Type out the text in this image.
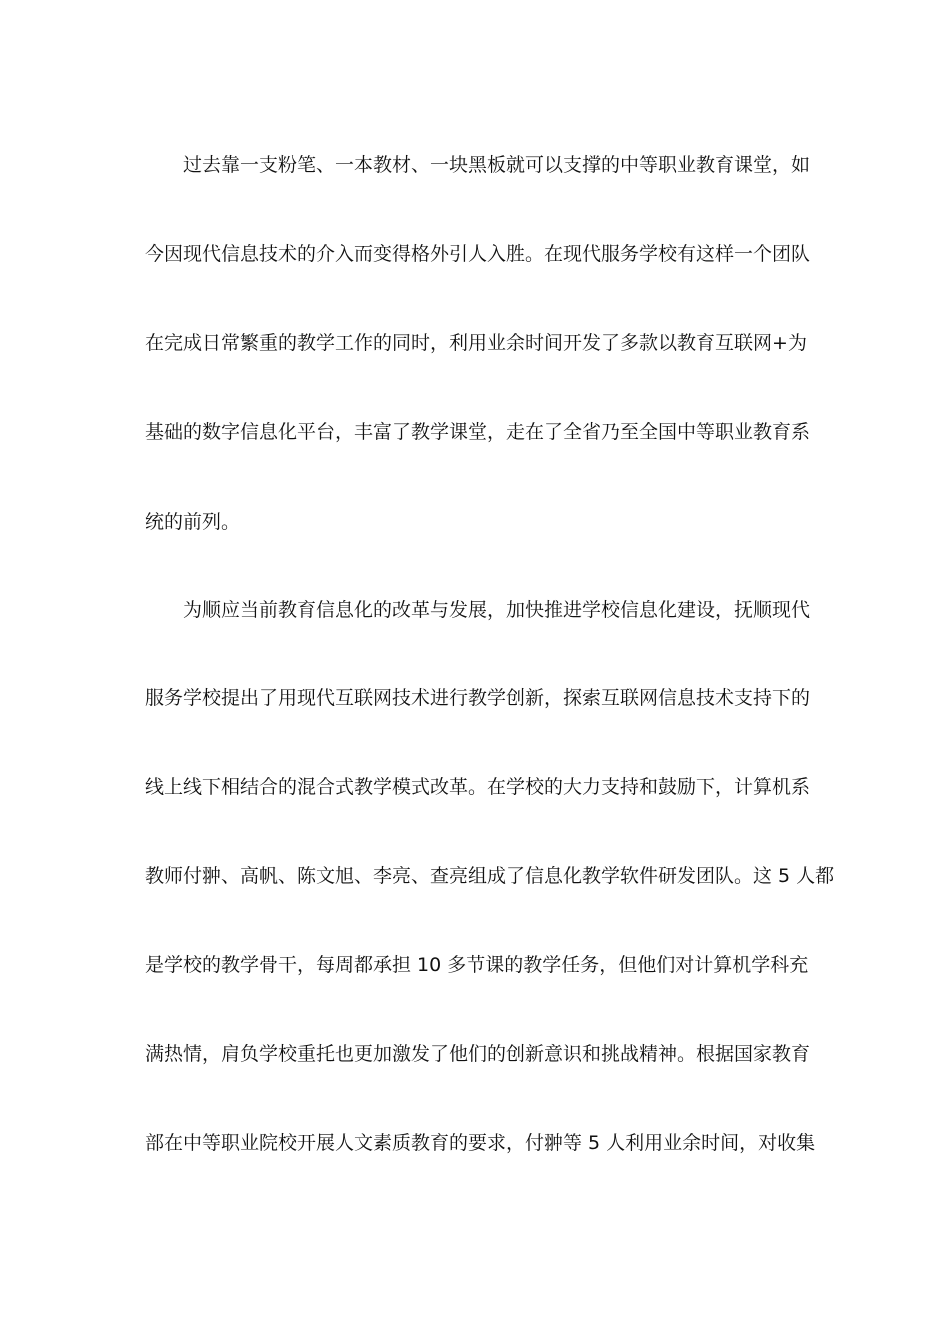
过去靠一支粉笔、一本教材、一块黑板就可以支撑的中等职业教育课堂，如

今因现代信息技术的介入而变得格外引人入胜。在现代服务学校有这样一个团队

在完成日常繁重的教学工作的同时，利用业余时间开发了多款以教育互联网+为

基础的数字信息化平台，丰富了教学课堂，走在了全省乃至全国中等职业教育系

统的前列。

为顺应当前教育信息化的改革与发展，加快推进学校信息化建设，抚顺现代

服务学校提出了用现代互联网技术进行教学创新，探索互联网信息技术支持下的

线上线下相结合的混合式教学模式改革。在学校的大力支持和鼓励下，计算机系

教师付翀、高帆、陈文旭、李亮、查亮组成了信息化教学软件研发团队。这 5 人都

是学校的教学骨干，每周都承担 10 多节课的教学任务，但他们对计算机学科充

满热情，肩负学校重托也更加激发了他们的创新意识和挑战精神。根据国家教育

部在中等职业院校开展人文素质教育的要求，付翀等 5 人利用业余时间，对收集
